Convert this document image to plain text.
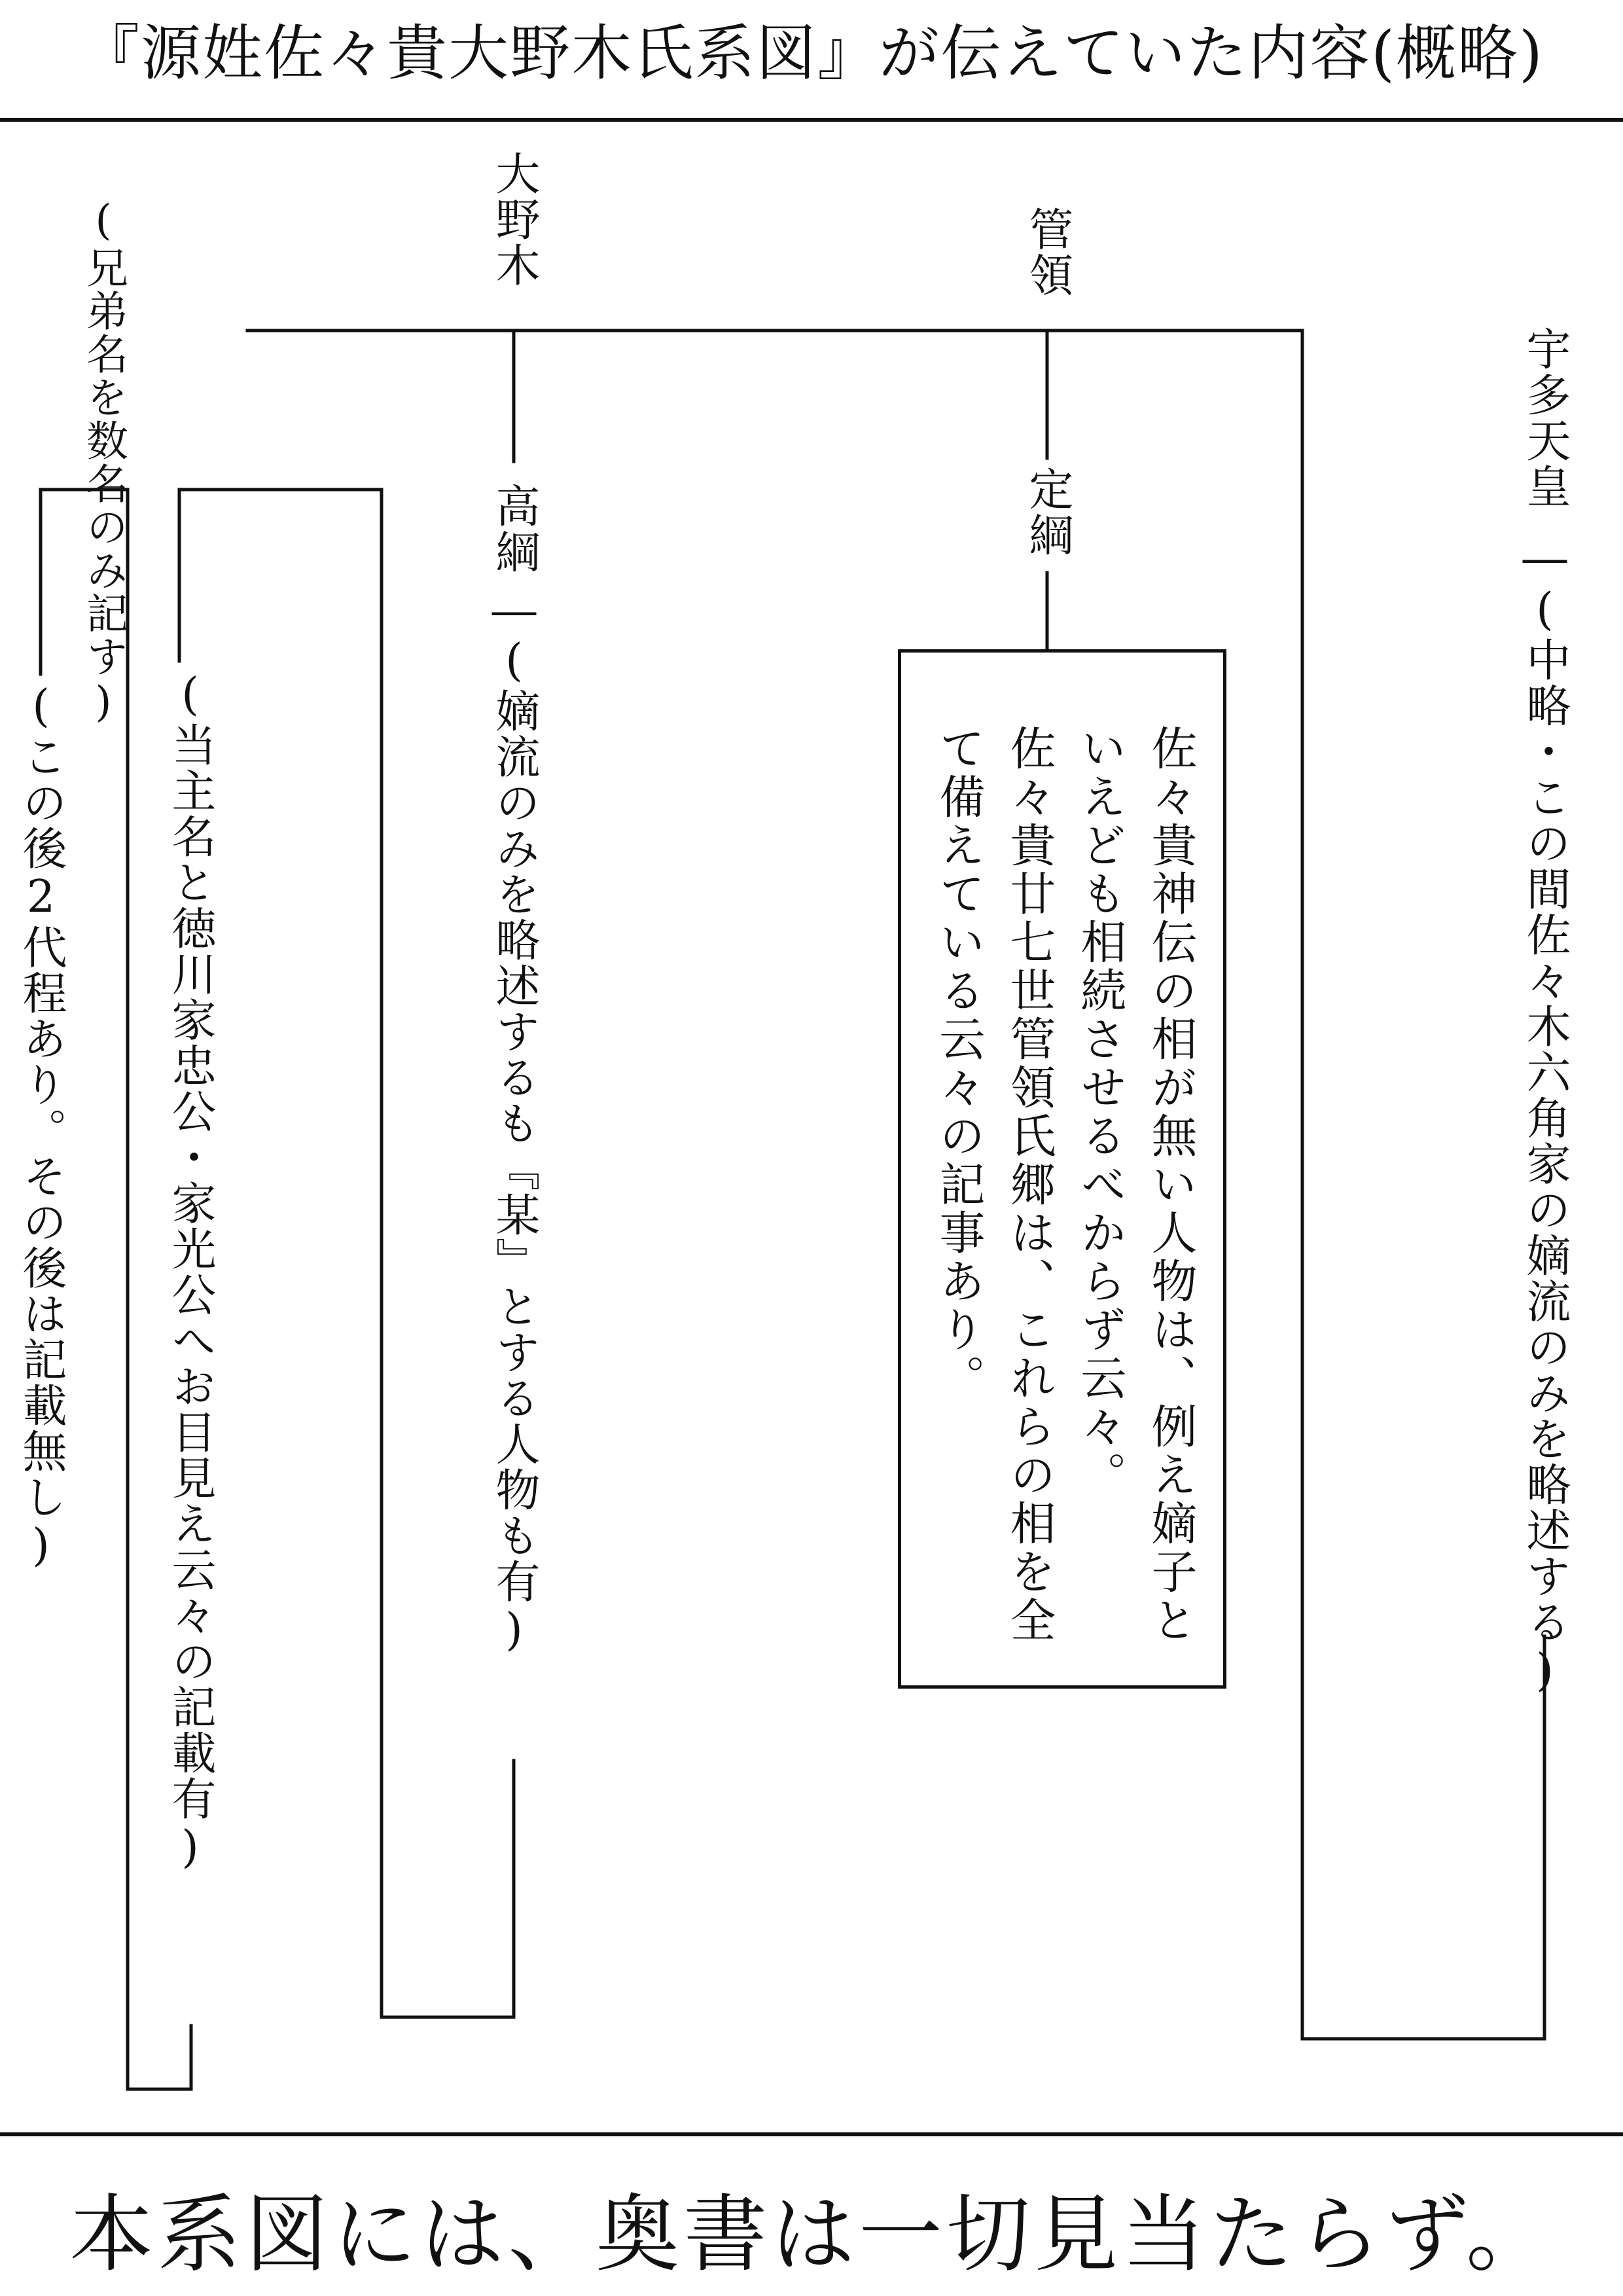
『源姓佐々貴大野木氏系図』が伝えていた内容(概略)
宇多天皇
―
(中略・この間佐々木六角家の嫡流のみを略述する)
管領
定綱
大野木
高綱
―
(嫡流のみを略述するも『某』とする人物も有)
(兄弟名を数名のみ記す)
(当主名と徳川家忠公・家光公へお目見え云々の記載有)
(この後2代程あり。その後は記載無し)	佐々貴神伝の相が無い人物は、例え嫡子といえども相続させるべからず云々。
佐々貴廿七世管領氏郷は、これらの相を全て備えている云々の記事あり。
本系図には、奥書は一切見当たらず。
